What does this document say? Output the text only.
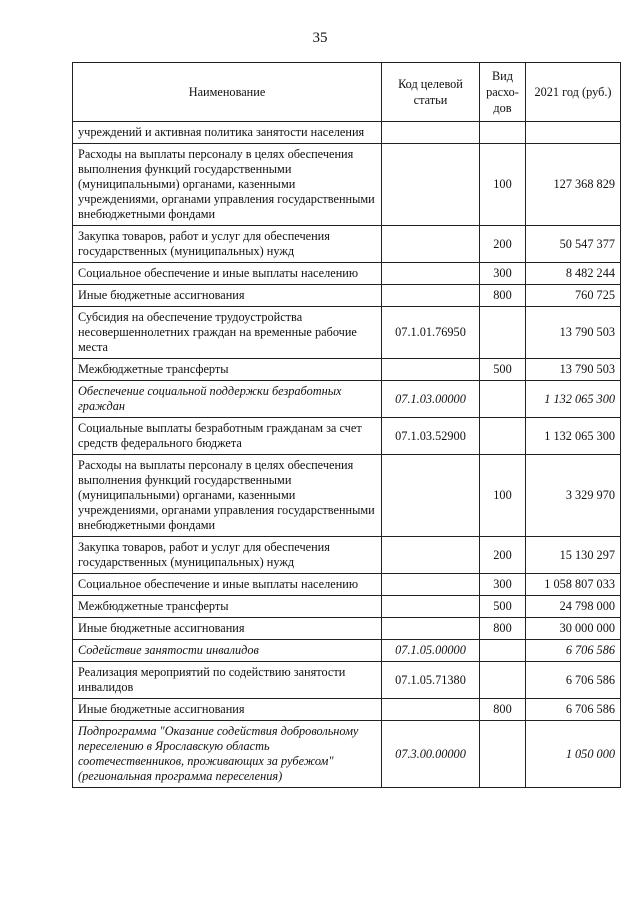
35
Наименование	Код целевой статьи	Вид расхо-дов	2021 год (руб.)
учреждений и активная политика занятости населения			
Расходы на выплаты персоналу в целях обеспечения выполнения функций государственными (муниципальными) органами, казенными учреждениями, органами управления государственными внебюджетными фондами		100	127 368 829
Закупка товаров, работ и услуг для обеспечения государственных (муниципальных) нужд		200	50 547 377
Социальное обеспечение и иные выплаты населению		300	8 482 244
Иные бюджетные ассигнования		800	760 725
Субсидия на обеспечение трудоустройства несовершеннолетних граждан на временные рабочие места	07.1.01.76950		13 790 503
Межбюджетные трансферты		500	13 790 503
Обеспечение социальной поддержки безработных граждан	07.1.03.00000		1 132 065 300
Социальные выплаты безработным гражданам за счет средств федерального бюджета	07.1.03.52900		1 132 065 300
Расходы на выплаты персоналу в целях обеспечения выполнения функций государственными (муниципальными) органами, казенными учреждениями, органами управления государственными внебюджетными фондами		100	3 329 970
Закупка товаров, работ и услуг для обеспечения государственных (муниципальных) нужд		200	15 130 297
Социальное обеспечение и иные выплаты населению		300	1 058 807 033
Межбюджетные трансферты		500	24 798 000
Иные бюджетные ассигнования		800	30 000 000
Содействие занятости инвалидов	07.1.05.00000		6 706 586
Реализация мероприятий по содействию занятости инвалидов	07.1.05.71380		6 706 586
Иные бюджетные ассигнования		800	6 706 586
Подпрограмма "Оказание содействия добровольному переселению в Ярославскую область соотечественников, проживающих за рубежом" (региональная программа переселения)	07.3.00.00000		1 050 000
